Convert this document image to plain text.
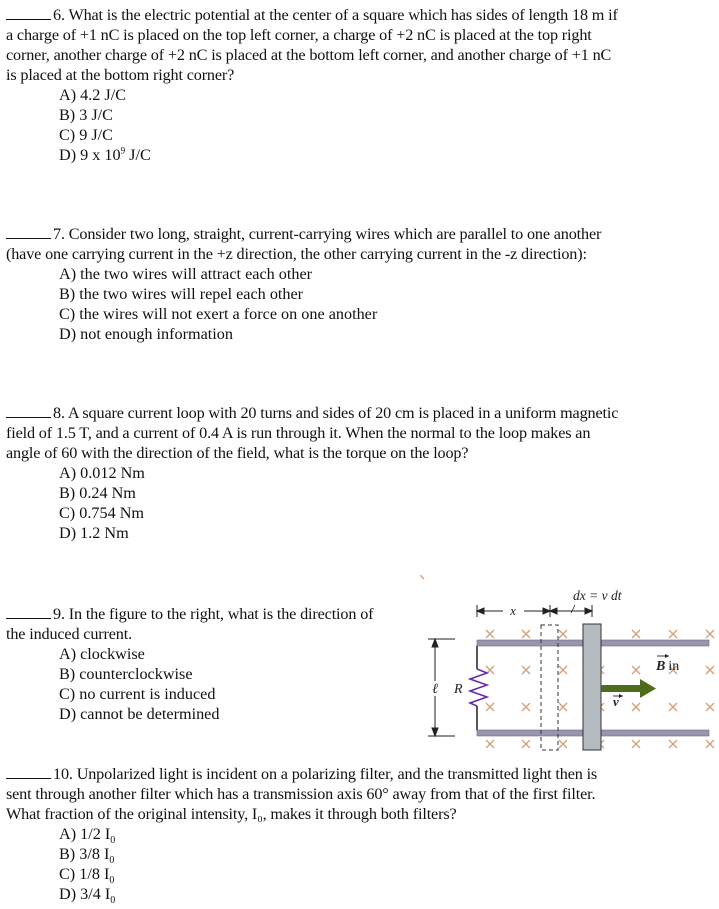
6. What is the electric potential at the center of a square which has sides of length 18 m if
a charge of +1 nC is placed on the top left corner, a charge of +2 nC is placed at the top right
corner, another charge of +2 nC is placed at the bottom left corner, and another charge of +1 nC
is placed at the bottom right corner?

A) 4.2 J/C
B) 3 J/C
C) 9 J/C
D) 9 x $10^9$ J/C

7. Consider two long, straight, current-carrying wires which are parallel to one another
(have one carrying current in the +z direction, the other carrying current in the -z direction):

A) the two wires will attract each other
B) the two wires will repel each other
C) the wires will not exert a force on one another
D) not enough information

8. A square current loop with 20 turns and sides of 20 cm is placed in a uniform magnetic
field of 1.5 T, and a current of 0.4 A is run through it. When the normal to the loop makes an
angle of 60 with the direction of the field, what is the torque on the loop?

A) 0.012 Nm
B) 0.24 Nm
C) 0.754 Nm
D) 1.2 Nm

9. In the figure to the right, what is the direction of
the induced current.

A) clockwise
B) counterclockwise
C) no current is induced
D) cannot be determined
x
dx = v dt
ℓ R
B in
v

10. Unpolarized light is incident on a polarizing filter, and the transmitted light then is
sent through another filter which has a transmission axis 60° away from that of the first filter.
What fraction of the original intensity, I₀, makes it through both filters?

A) 1/2 $I_0$
B) 3/8 $I_0$
C) 1/8 $I_0$
D) 3/4 $I_0$
